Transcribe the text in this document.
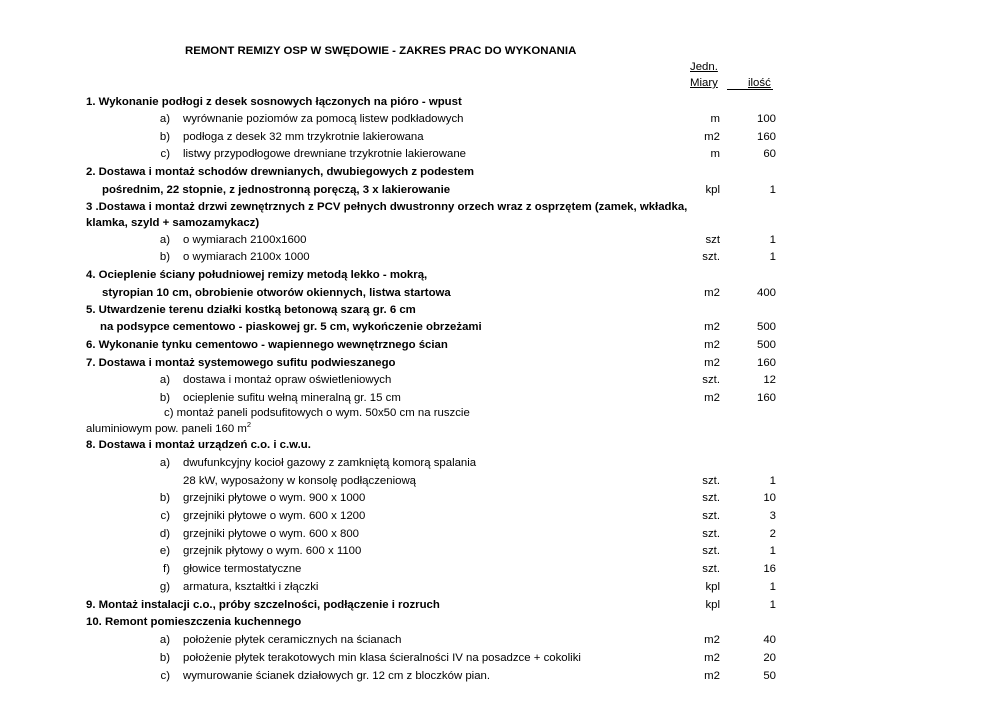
REMONT REMIZY OSP W SWĘDOWIE - ZAKRES PRAC DO WYKONANIA
Jedn.
Miary	ilość
1. Wykonanie podłogi z desek sosnowych łączonych na pióro - wpust
a) wyrównanie poziomów za pomocą listew podkładowych	m	100
b) podłoga z desek 32 mm trzykrotnie lakierowana	m2	160
c) listwy przypodłogowe drewniane trzykrotnie lakierowane	m	60
2. Dostawa i montaż schodów drewnianych, dwubiegowych z podestem
pośrednim, 22 stopnie, z jednostronną poręczą, 3 x lakierowanie	kpl	1
3 .Dostawa i montaż drzwi zewnętrznych z PCV pełnych dwustronny orzech wraz z osprzętem (zamek, wkładka,
klamka, szyld + samozamykacz)
a) o wymiarach 2100x1600	szt	1
b) o wymiarach 2100x 1000	szt.	1
4. Ocieplenie ściany południowej remizy metodą lekko - mokrą,
styropian 10 cm, obrobienie otworów okiennych, listwa startowa	m2	400
5. Utwardzenie terenu działki kostką betonową szarą gr. 6 cm
na podsypce cementowo - piaskowej gr. 5 cm, wykończenie obrzeżami	m2	500
6. Wykonanie tynku cementowo - wapiennego wewnętrznego ścian	m2	500
7. Dostawa i montaż systemowego sufitu podwieszanego	m2	160
a) dostawa i montaż opraw oświetleniowych	szt.	12
b) ocieplenie sufitu wełną mineralną gr. 15 cm	m2	160
c) montaż paneli podsufitowych o wym. 50x50 cm na ruszcie
aluminiowym pow. paneli 160 $m^2$
8. Dostawa i montaż urządzeń c.o. i c.w.u.
a) dwufunkcyjny kocioł gazowy z zamkniętą komorą spalania
28 kW, wyposażony w konsolę podłączeniową	szt.	1
b) grzejniki płytowe o wym. 900 x 1000	szt.	10
c) grzejniki płytowe o wym. 600 x 1200	szt.	3
d) grzejniki płytowe o wym. 600 x 800	szt.	2
e) grzejnik płytowy o wym. 600 x 1100	szt.	1
f) głowice termostatyczne	szt.	16
g) armatura, kształtki i złączki	kpl	1
9. Montaż instalacji c.o., próby szczelności, podłączenie i rozruch	kpl	1
10. Remont pomieszczenia kuchennego
a) położenie płytek ceramicznych na ścianach	m2	40
b) położenie płytek terakotowych min klasa ścieralności IV na posadzce + cokoliki	m2	20
c) wymurowanie ścianek działowych gr. 12 cm z bloczków pian.	m2	50
